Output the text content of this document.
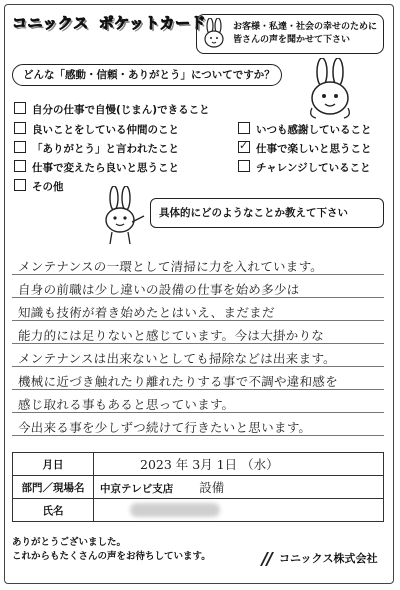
コニックス ポケットカード	お客様・私達・社会の幸せのために
皆さんの声を聞かせて下さい
どんな「感動・信頼・ありがとう」についてですか？
自分の仕事で自慢(じまん)できること
良いことをしている仲間のこと
「ありがとう」と言われたこと
仕事で変えたら良いと思うこと
その他
いつも感謝していること
✓仕事で楽しいと思うこと
チャレンジしていること
具体的にどのようなことか教えて下さい
メンテナンスの一環として清掃に力を入れています。
自身の前職は少し違いの設備の仕事を始め多少は
知識も技術が着き始めたとはいえ、まだまだ
能力的には足りないと感じています。今は大掛かりな
メンテナンスは出来ないとしても掃除などは出来ます。
機械に近づき触れたり離れたりする事で不調や違和感を
感じ取れる事もあると思っています。
今出来る事を少しずつ続けて行きたいと思います。
月日	2023 年 3月 1日 （水）
部門／現場名	中京テレビ支店 設備
氏名	
ありがとうございました。
これからもたくさんの声をお待ちしています。	コニックス株式会社
